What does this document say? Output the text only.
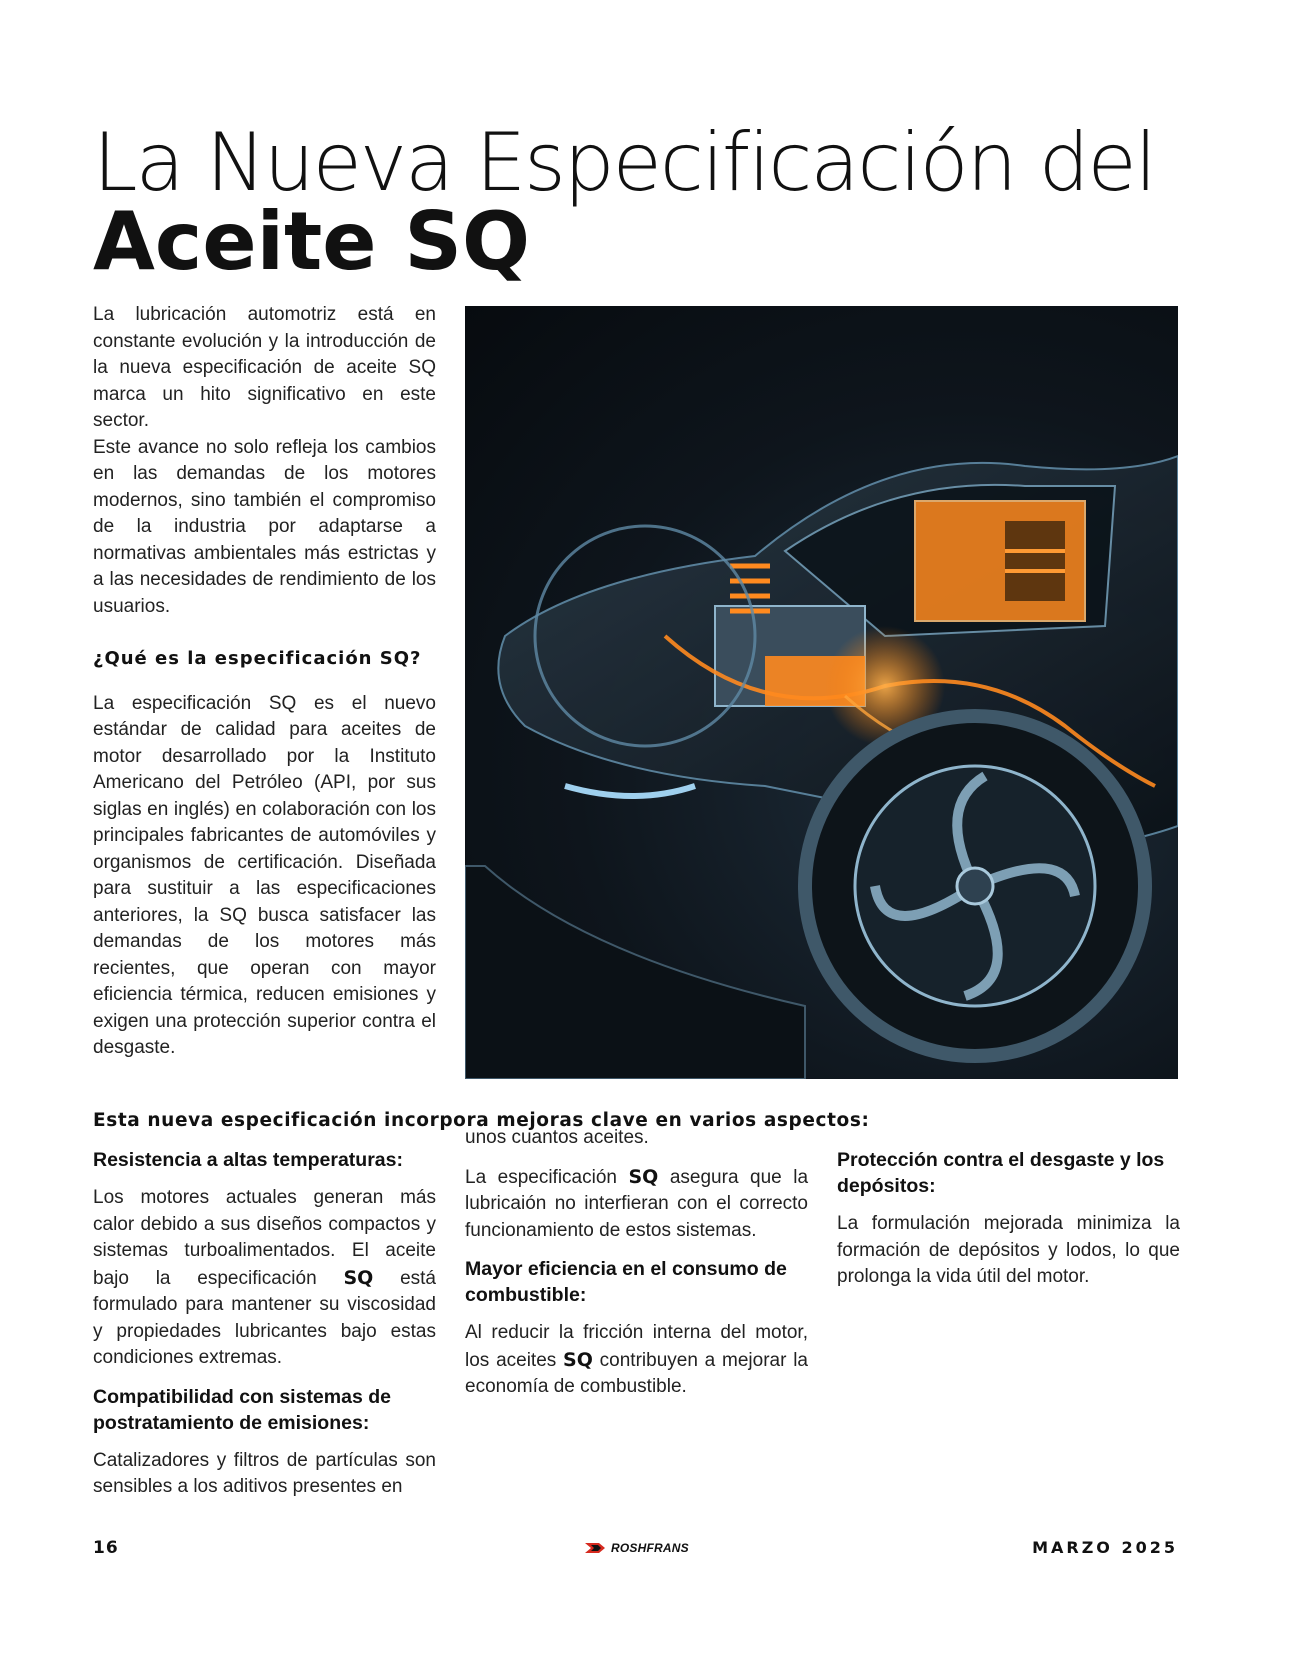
La Nueva Especificación del
Aceite SQ

La lubricación automotriz está en constante evolución y la introducción de la nueva especificación de aceite SQ marca un hito significativo en este sector.

Este avance no solo refleja los cambios en las demandas de los motores modernos, sino también el compromiso de la industria por adaptarse a normativas ambientales más estrictas y a las necesidades de rendimiento de los usuarios.

¿Qué es la especificación SQ?

La especificación SQ es el nuevo estándar de calidad para aceites de motor desarrollado por la Instituto Americano del Petróleo (API, por sus siglas en inglés) en colaboración con los principales fabricantes de automóviles y organismos de certificación. Diseñada para sustituir a las especificaciones anteriores, la SQ busca satisfacer las demandas de los motores más recientes, que operan con mayor eficiencia térmica, reducen emisiones y exigen una protección superior contra el desgaste.

Esta nueva especificación incorpora mejoras clave en varios aspectos:

Resistencia a altas temperaturas:

Los motores actuales generan más calor debido a sus diseños compactos y sistemas turboalimentados. El aceite bajo la especificación SQ está formulado para mantener su viscosidad y propiedades lubricantes bajo estas condiciones extremas.

Compatibilidad con sistemas de postratamiento de emisiones:

Catalizadores y filtros de partículas son sensibles a los aditivos presentes en

unos cuantos aceites.

La especificación SQ asegura que la lubricaión no interfieran con el correcto funcionamiento de estos sistemas.

Mayor eficiencia en el consumo de combustible:

Al reducir la fricción interna del motor, los aceites SQ contribuyen a mejorar la economía de combustible.

Protección contra el desgaste y los depósitos:

La formulación mejorada minimiza la formación de depósitos y lodos, lo que prolonga la vida útil del motor.

16	ROSHFRANS	MARZO 2025
